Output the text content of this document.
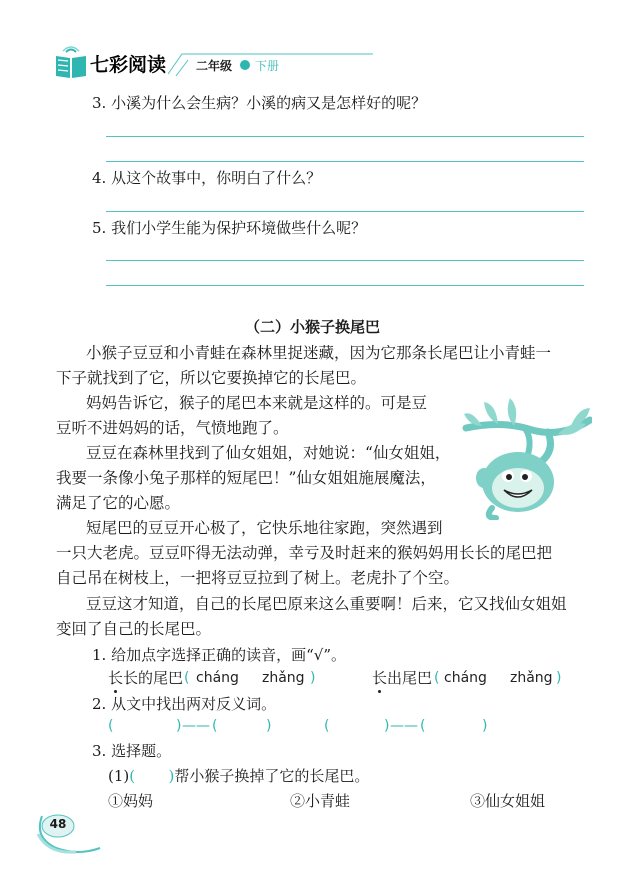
七彩阅读 二年级 下册
3. 小溪为什么会生病？小溪的病又是怎样好的呢？
4. 从这个故事中，你明白了什么？
5. 我们小学生能为保护环境做些什么呢？
（二）小猴子换尾巴
小猴子豆豆和小青蛙在森林里捉迷藏，因为它那条长尾巴让小青蛙一
下子就找到了它，所以它要换掉它的长尾巴。
妈妈告诉它，猴子的尾巴本来就是这样的。可是豆
豆听不进妈妈的话，气愤地跑了。
豆豆在森林里找到了仙女姐姐，对她说：“仙女姐姐，
我要一条像小兔子那样的短尾巴！”仙女姐姐施展魔法，
满足了它的心愿。
短尾巴的豆豆开心极了，它快乐地往家跑，突然遇到
一只大老虎。豆豆吓得无法动弹，幸亏及时赶来的猴妈妈用长长的尾巴把
自己吊在树枝上，一把将豆豆拉到了树上。老虎扑了个空。
豆豆这才知道，自己的长尾巴原来这么重要啊！后来，它又找仙女姐姐
变回了自己的长尾巴。
1. 给加点字选择正确的读音，画“√”。
长长的尾巴 ( cháng zhǎng )	长出尾巴 ( cháng zhǎng )
2. 从文中找出两对反义词。
(	) —— (	)	(	) —— (	)
3. 选择题。
(1)(       )帮小猴子换掉了它的长尾巴。
①妈妈	②小青蛙	③仙女姐姐
48
